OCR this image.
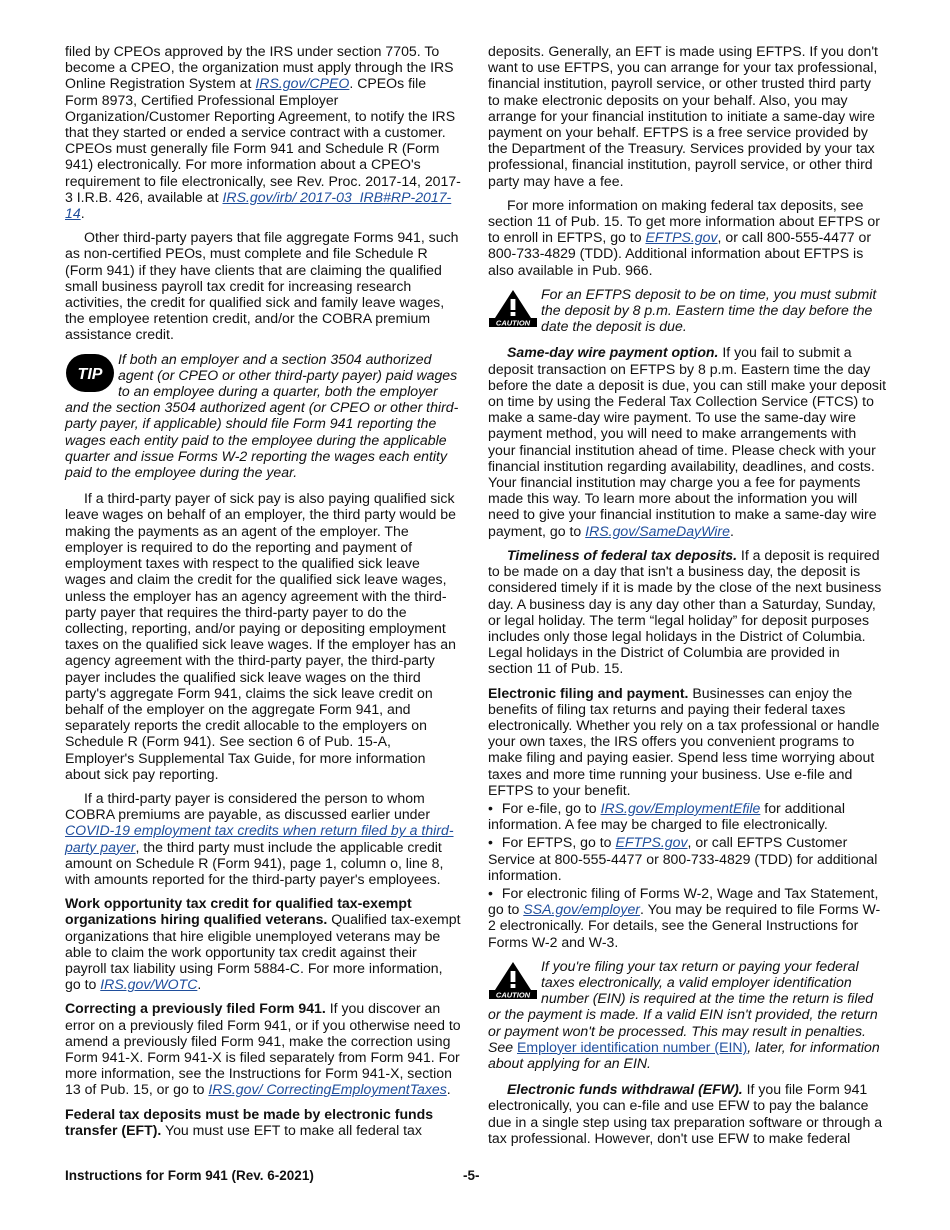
filed by CPEOs approved by the IRS under section 7705. To become a CPEO, the organization must apply through the IRS Online Registration System at IRS.gov/CPEO. CPEOs file Form 8973, Certified Professional Employer Organization/Customer Reporting Agreement, to notify the IRS that they started or ended a service contract with a customer. CPEOs must generally file Form 941 and Schedule R (Form 941) electronically. For more information about a CPEO's requirement to file electronically, see Rev. Proc. 2017-14, 2017-3 I.R.B. 426, available at IRS.gov/irb/ 2017-03_IRB#RP-2017-14.

Other third-party payers that file aggregate Forms 941, such as non-certified PEOs, must complete and file Schedule R (Form 941) if they have clients that are claiming the qualified small business payroll tax credit for increasing research activities, the credit for qualified sick and family leave wages, the employee retention credit, and/or the COBRA premium assistance credit.

TIP
If both an employer and a section 3504 authorized agent (or CPEO or other third-party payer) paid wages to an employee during a quarter, both the employer and the section 3504 authorized agent (or CPEO or other third-party payer, if applicable) should file Form 941 reporting the wages each entity paid to the employee during the applicable quarter and issue Forms W-2 reporting the wages each entity paid to the employee during the year.

If a third-party payer of sick pay is also paying qualified sick leave wages on behalf of an employer, the third party would be making the payments as an agent of the employer. The employer is required to do the reporting and payment of employment taxes with respect to the qualified sick leave wages and claim the credit for the qualified sick leave wages, unless the employer has an agency agreement with the third-party payer that requires the third-party payer to do the collecting, reporting, and/or paying or depositing employment taxes on the qualified sick leave wages. If the employer has an agency agreement with the third-party payer, the third-party payer includes the qualified sick leave wages on the third party's aggregate Form 941, claims the sick leave credit on behalf of the employer on the aggregate Form 941, and separately reports the credit allocable to the employers on Schedule R (Form 941). See section 6 of Pub. 15-A, Employer's Supplemental Tax Guide, for more information about sick pay reporting.

If a third-party payer is considered the person to whom COBRA premiums are payable, as discussed earlier under COVID-19 employment tax credits when return filed by a third-party payer, the third party must include the applicable credit amount on Schedule R (Form 941), page 1, column o, line 8, with amounts reported for the third-party payer's employees.

Work opportunity tax credit for qualified tax-exempt organizations hiring qualified veterans. Qualified tax-exempt organizations that hire eligible unemployed veterans may be able to claim the work opportunity tax credit against their payroll tax liability using Form 5884-C. For more information, go to IRS.gov/WOTC.

Correcting a previously filed Form 941. If you discover an error on a previously filed Form 941, or if you otherwise need to amend a previously filed Form 941, make the correction using Form 941-X. Form 941-X is filed separately from Form 941. For more information, see the Instructions for Form 941-X, section 13 of Pub. 15, or go to IRS.gov/ CorrectingEmploymentTaxes.

Federal tax deposits must be made by electronic funds transfer (EFT). You must use EFT to make all federal tax

deposits. Generally, an EFT is made using EFTPS. If you don't want to use EFTPS, you can arrange for your tax professional, financial institution, payroll service, or other trusted third party to make electronic deposits on your behalf. Also, you may arrange for your financial institution to initiate a same-day wire payment on your behalf. EFTPS is a free service provided by the Department of the Treasury. Services provided by your tax professional, financial institution, payroll service, or other third party may have a fee.

For more information on making federal tax deposits, see section 11 of Pub. 15. To get more information about EFTPS or to enroll in EFTPS, go to EFTPS.gov, or call 800-555-4477 or 800-733-4829 (TDD). Additional information about EFTPS is also available in Pub. 966.

CAUTION
For an EFTPS deposit to be on time, you must submit the deposit by 8 p.m. Eastern time the day before the date the deposit is due.

Same-day wire payment option. If you fail to submit a deposit transaction on EFTPS by 8 p.m. Eastern time the day before the date a deposit is due, you can still make your deposit on time by using the Federal Tax Collection Service (FTCS) to make a same-day wire payment. To use the same-day wire payment method, you will need to make arrangements with your financial institution ahead of time. Please check with your financial institution regarding availability, deadlines, and costs. Your financial institution may charge you a fee for payments made this way. To learn more about the information you will need to give your financial institution to make a same-day wire payment, go to IRS.gov/SameDayWire.

Timeliness of federal tax deposits. If a deposit is required to be made on a day that isn't a business day, the deposit is considered timely if it is made by the close of the next business day. A business day is any day other than a Saturday, Sunday, or legal holiday. The term “legal holiday” for deposit purposes includes only those legal holidays in the District of Columbia. Legal holidays in the District of Columbia are provided in section 11 of Pub. 15.

Electronic filing and payment. Businesses can enjoy the benefits of filing tax returns and paying their federal taxes electronically. Whether you rely on a tax professional or handle your own taxes, the IRS offers you convenient programs to make filing and paying easier. Spend less time worrying about taxes and more time running your business. Use e-file and EFTPS to your benefit.

• For e-file, go to IRS.gov/EmploymentEfile for additional information. A fee may be charged to file electronically.

• For EFTPS, go to EFTPS.gov, or call EFTPS Customer Service at 800-555-4477 or 800-733-4829 (TDD) for additional information.

• For electronic filing of Forms W-2, Wage and Tax Statement, go to SSA.gov/employer. You may be required to file Forms W-2 electronically. For details, see the General Instructions for Forms W-2 and W-3.

CAUTION
If you're filing your tax return or paying your federal taxes electronically, a valid employer identification number (EIN) is required at the time the return is filed or the payment is made. If a valid EIN isn't provided, the return or payment won't be processed. This may result in penalties. See Employer identification number (EIN), later, for information about applying for an EIN.

Electronic funds withdrawal (EFW). If you file Form 941 electronically, you can e-file and use EFW to pay the balance due in a single step using tax preparation software or through a tax professional. However, don't use EFW to make federal

Instructions for Form 941 (Rev. 6-2021)	-5-
